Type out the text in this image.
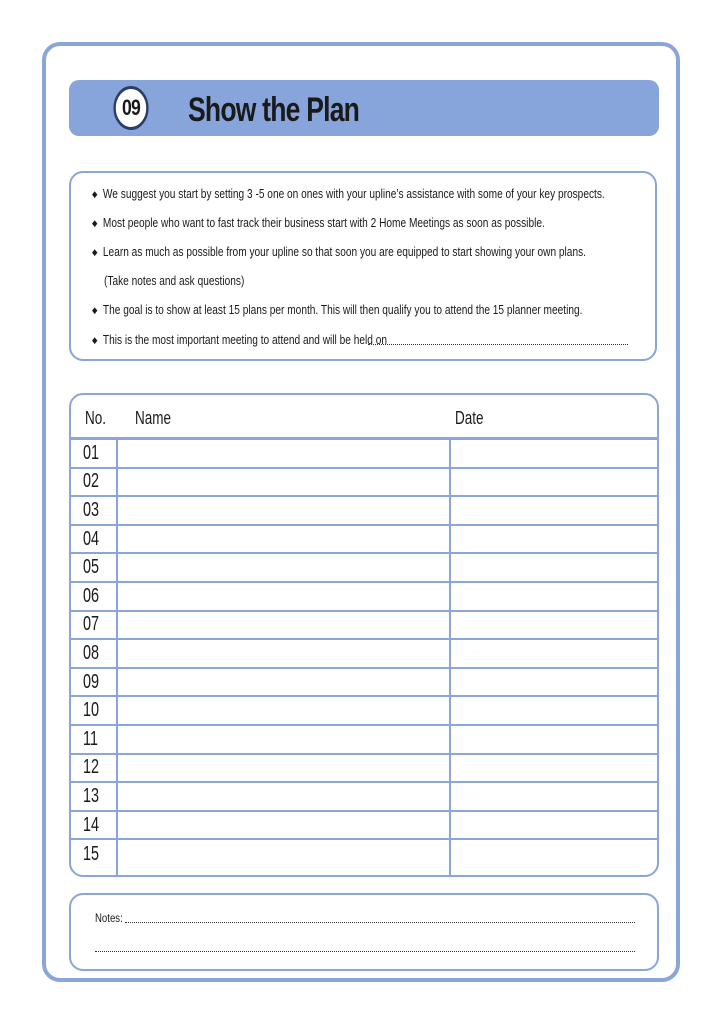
09 Show the Plan
◆ We suggest you start by setting 3 -5 one on ones with your upline’s assistance with some of your key prospects.
◆ Most people who want to fast track their business start with 2 Home Meetings as soon as possible.
◆ Learn as much as possible from your upline so that soon you are equipped to start showing your own plans.
(Take notes and ask questions)
◆ The goal is to show at least 15 plans per month. This will then qualify you to attend the 15 planner meeting.
◆ This is the most important meeting to attend and will be held on
No. Name	Date
01
02
03
04
05
06
07
08
09
10
11
12
13
14
15
Notes:
